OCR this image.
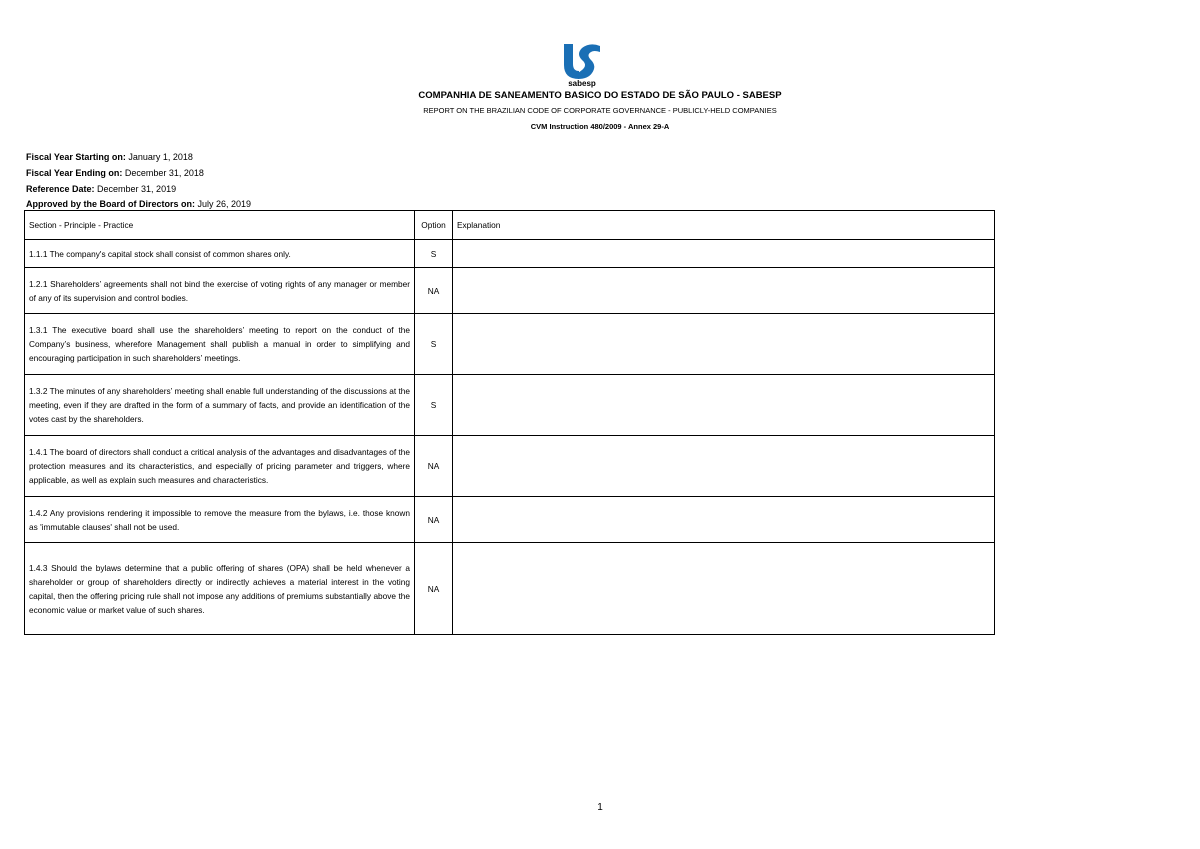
sabesp
COMPANHIA DE SANEAMENTO BASICO DO ESTADO DE SÃO PAULO - SABESP
REPORT ON THE BRAZILIAN CODE OF CORPORATE GOVERNANCE - PUBLICLY-HELD COMPANIES
CVM Instruction 480/2009 - Annex 29-A
Fiscal Year Starting on: January 1, 2018
Fiscal Year Ending on: December 31, 2018
Reference Date: December 31, 2019
Approved by the Board of Directors on: July 26, 2019
Section - Principle - Practice	Option	Explanation
1.1.1 The company's capital stock shall consist of common shares only.	S	
1.2.1 Shareholders’ agreements shall not bind the exercise of voting rights of any manager or member of any of its supervision and control bodies.	NA	
1.3.1 The executive board shall use the shareholders’ meeting to report on the conduct of the Company’s business, wherefore Management shall publish a manual in order to simplifying and encouraging participation in such shareholders’ meetings.	S	
1.3.2 The minutes of any shareholders’ meeting shall enable full understanding of the discussions at the meeting, even if they are drafted in the form of a summary of facts, and provide an identification of the votes cast by the shareholders.	S	
1.4.1 The board of directors shall conduct a critical analysis of the advantages and disadvantages of the protection measures and its characteristics, and especially of pricing parameter and triggers, where applicable, as well as explain such measures and characteristics.	NA	
1.4.2 Any provisions rendering it impossible to remove the measure from the bylaws, i.e. those known as 'immutable clauses' shall not be used.	NA	
1.4.3 Should the bylaws determine that a public offering of shares (OPA) shall be held whenever a shareholder or group of shareholders directly or indirectly achieves a material interest in the voting capital, then the offering pricing rule shall not impose any additions of premiums substantially above the economic value or market value of such shares.	NA	
1
